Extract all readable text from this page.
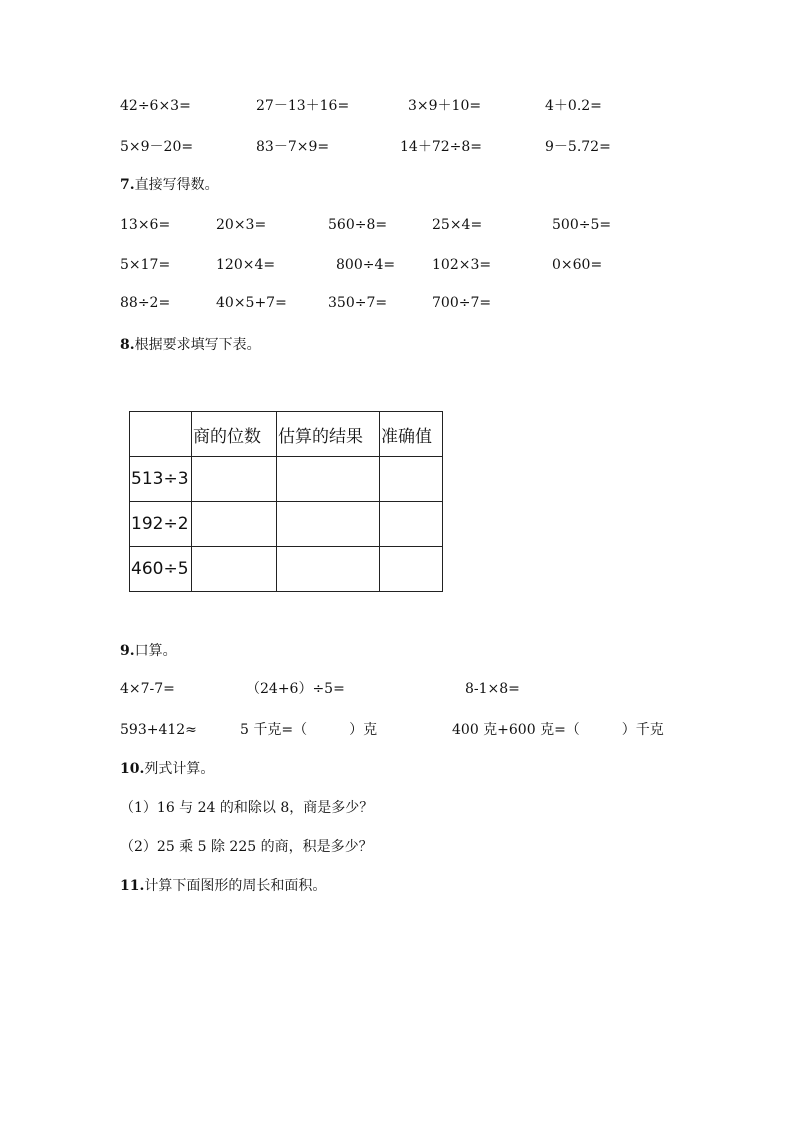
42÷6×3=	27－13＋16=	3×9＋10=	4＋0.2=
5×9－20=	83－7×9=	14＋72÷8=	9－5.72=
7.直接写得数。
13×6=	20×3=	560÷8=	25×4=	500÷5=
5×17=	120×4=	800÷4=	102×3=	0×60=
88÷2=	40×5+7=	350÷7=	700÷7=
8.根据要求填写下表。
	商的位数	估算的结果	准确值
513÷3			
192÷2			
460÷5			
9.口算。
4×7-7=	（24+6）÷5=	8-1×8=
593+412≈	5 千克=（　　　）克	400 克+600 克=（　　　）千克
10.列式计算。
（1）16 与 24 的和除以 8，商是多少？
（2）25 乘 5 除 225 的商，积是多少？
11.计算下面图形的周长和面积。
